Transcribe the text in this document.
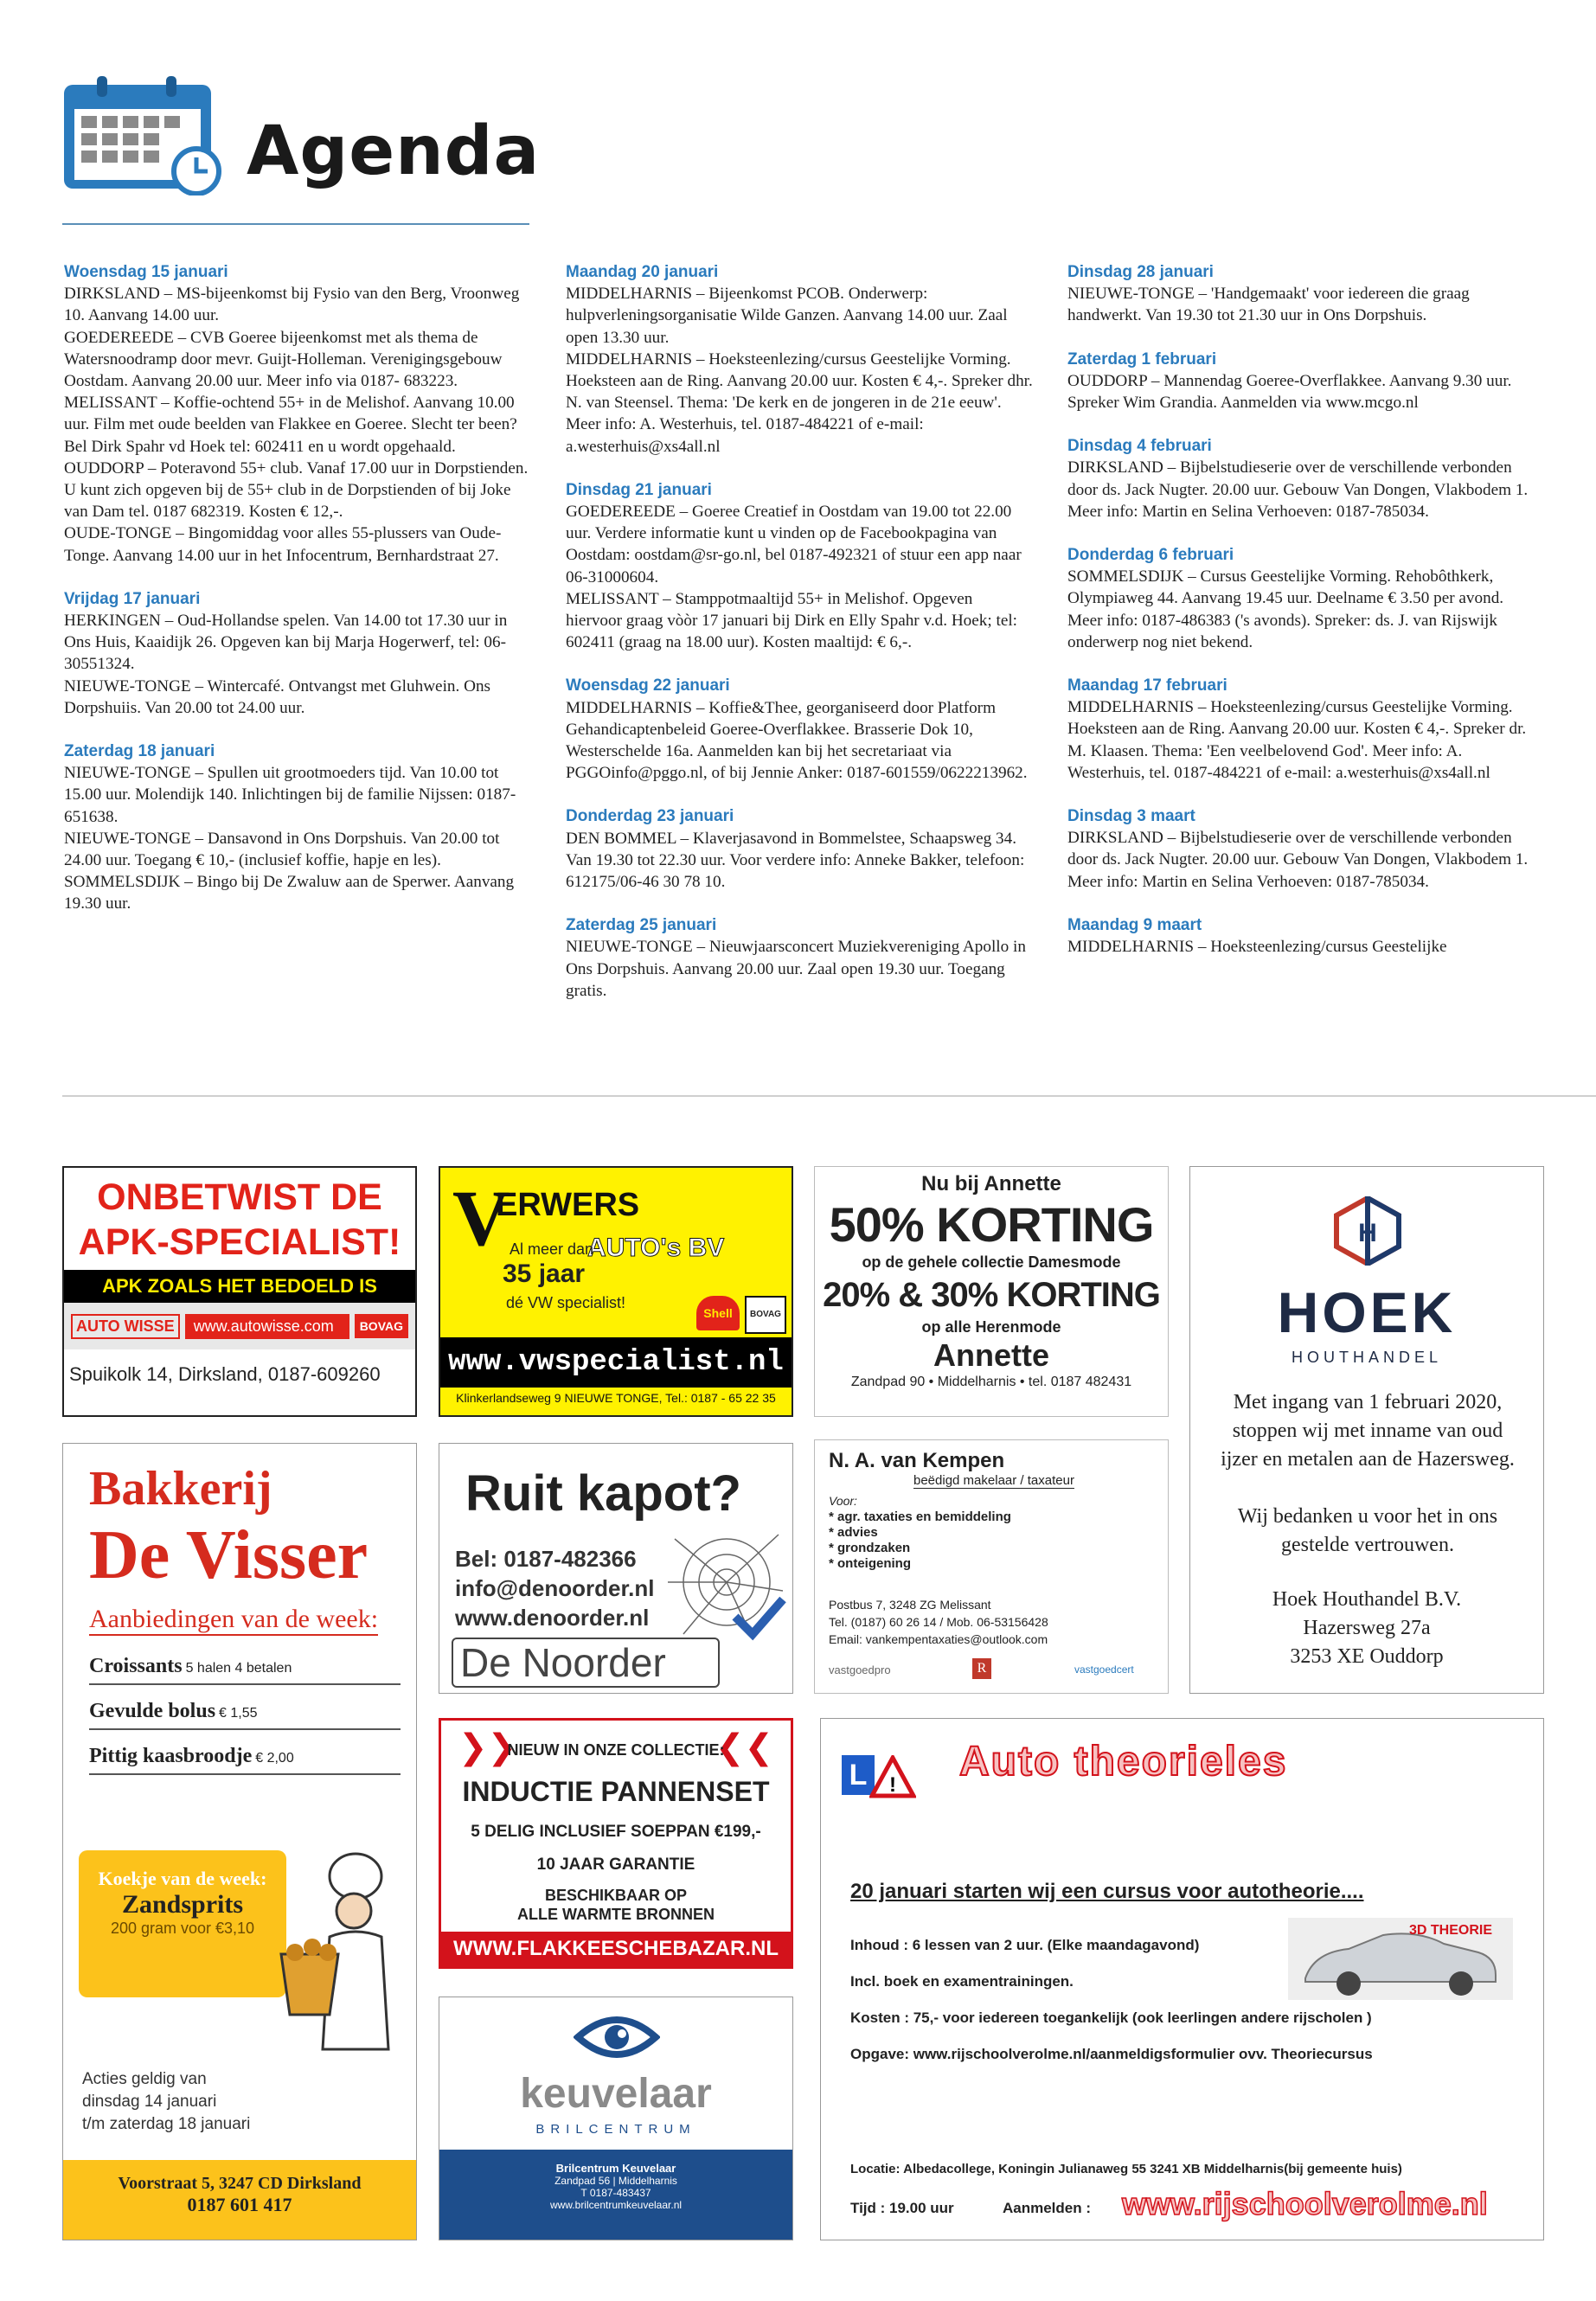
Agenda
Woensdag 15 januari
DIRKSLAND – MS-bijeenkomst bij Fysio van den Berg, Vroonweg 10. Aanvang 14.00 uur.
GOEDEREEDE – CVB Goeree bijeenkomst met als thema de Watersnoodramp door mevr. Guijt-Holleman. Verenigingsgebouw Oostdam. Aanvang 20.00 uur. Meer info via 0187- 683223.
MELISSANT – Koffie-ochtend 55+ in de Melishof. Aanvang 10.00 uur. Film met oude beelden van Flakkee en Goeree. Slecht ter been? Bel Dirk Spahr vd Hoek tel: 602411 en u wordt opgehaald.
OUDDORP – Poteravond 55+ club. Vanaf 17.00 uur in Dorpstienden. U kunt zich opgeven bij de 55+ club in de Dorpstienden of bij Joke van Dam tel. 0187 682319. Kosten € 12,-.
OUDE-TONGE – Bingomiddag voor alles 55-plussers van Oude-Tonge. Aanvang 14.00 uur in het Infocentrum, Bernhardstraat 27.
Vrijdag 17 januari
HERKINGEN – Oud-Hollandse spelen. Van 14.00 tot 17.30 uur in Ons Huis, Kaaidijk 26. Opgeven kan bij Marja Hogerwerf, tel: 06-30551324.
NIEUWE-TONGE – Wintercafé. Ontvangst met Gluhwein. Ons Dorpshuiis. Van 20.00 tot 24.00 uur.
Zaterdag 18 januari
NIEUWE-TONGE – Spullen uit grootmoeders tijd. Van 10.00 tot 15.00 uur. Molendijk 140. Inlichtingen bij de familie Nijssen: 0187-651638.
NIEUWE-TONGE – Dansavond in Ons Dorpshuis. Van 20.00 tot 24.00 uur. Toegang € 10,- (inclusief koffie, hapje en les).
SOMMELSDIJK – Bingo bij De Zwaluw aan de Sperwer. Aanvang 19.30 uur.
Maandag 20 januari
MIDDELHARNIS – Bijeenkomst PCOB. Onderwerp: hulpverleningsorganisatie Wilde Ganzen. Aanvang 14.00 uur. Zaal open 13.30 uur.
MIDDELHARNIS – Hoeksteenlezing/cursus Geestelijke Vorming. Hoeksteen aan de Ring. Aanvang 20.00 uur. Kosten € 4,-. Spreker dhr. N. van Steensel. Thema: 'De kerk en de jongeren in de 21e eeuw'. Meer info: A. Westerhuis, tel. 0187-484221 of e-mail: a.westerhuis@xs4all.nl
Dinsdag 21 januari
GOEDEREEDE – Goeree Creatief in Oostdam van 19.00 tot 22.00 uur. Verdere informatie kunt u vinden op de Facebookpagina van Oostdam: oostdam@sr-go.nl, bel 0187-492321 of stuur een app naar 06-31000604.
MELISSANT – Stamppotmaaltijd 55+ in Melishof. Opgeven hiervoor graag vòòr 17 januari bij Dirk en Elly Spahr v.d. Hoek; tel: 602411 (graag na 18.00 uur). Kosten maaltijd: € 6,-.
Woensdag 22 januari
MIDDELHARNIS – Koffie&Thee, georganiseerd door Platform Gehandicaptenbeleid Goeree-Overflakkee. Brasserie Dok 10, Westerschelde 16a. Aanmelden kan bij het secretariaat via PGGOinfo@pggo.nl, of bij Jennie Anker: 0187-601559/0622213962.
Donderdag 23 januari
DEN BOMMEL – Klaverjasavond in Bommelstee, Schaapsweg 34. Van 19.30 tot 22.30 uur. Voor verdere info: Anneke Bakker, telefoon: 612175/06-46 30 78 10.
Zaterdag 25 januari
NIEUWE-TONGE – Nieuwjaarsconcert Muziekvereniging Apollo in Ons Dorpshuis. Aanvang 20.00 uur. Zaal open 19.30 uur. Toegang gratis.
Dinsdag 28 januari
NIEUWE-TONGE – 'Handgemaakt' voor iedereen die graag handwerkt. Van 19.30 tot 21.30 uur in Ons Dorpshuis.
Zaterdag 1 februari
OUDDORP – Mannendag Goeree-Overflakkee. Aanvang 9.30 uur. Spreker Wim Grandia. Aanmelden via www.mcgo.nl
Dinsdag 4 februari
DIRKSLAND – Bijbelstudieserie over de verschillende verbonden door ds. Jack Nugter. 20.00 uur. Gebouw Van Dongen, Vlakbodem 1. Meer info: Martin en Selina Verhoeven: 0187-785034.
Donderdag 6 februari
SOMMELSDIJK – Cursus Geestelijke Vorming. Rehobôthkerk, Olympiaweg 44. Aanvang 19.45 uur. Deelname € 3.50 per avond. Meer info: 0187-486383 ('s avonds). Spreker: ds. J. van Rijswijk onderwerp nog niet bekend.
Maandag 17 februari
MIDDELHARNIS – Hoeksteenlezing/cursus Geestelijke Vorming. Hoeksteen aan de Ring. Aanvang 20.00 uur. Kosten € 4,-. Spreker dr. M. Klaasen. Thema: 'Een veelbelovend God'. Meer info: A. Westerhuis, tel. 0187-484221 of e-mail: a.westerhuis@xs4all.nl
Dinsdag 3 maart
DIRKSLAND – Bijbelstudieserie over de verschillende verbonden door ds. Jack Nugter. 20.00 uur. Gebouw Van Dongen, Vlakbodem 1. Meer info: Martin en Selina Verhoeven: 0187-785034.
Maandag 9 maart
MIDDELHARNIS – Hoeksteenlezing/cursus Geestelijke
ONBETWIST DE
APK-SPECIALIST!
APK ZOALS HET BEDOELD IS
AUTO WISSE	www.autowisse.com	BOVAG
Spuikolk 14, Dirksland, 0187-609260
V
ERWERS
AUTO's BV
Al meer dan
35 jaar
dé VW specialist!
Shell	BOVAG
www.vwspecialist.nl
Klinkerlandseweg 9 NIEUWE TONGE, Tel.: 0187 - 65 22 35
Nu bij Annette
50% KORTING
op de gehele collectie Damesmode
20% & 30% KORTING
op alle Herenmode
Annette
Zandpad 90 • Middelharnis • tel. 0187 482431
H
HOEK
HOUTHANDEL
Met ingang van 1 februari 2020, stoppen wij met inname van oud ijzer en metalen aan de Hazersweg.
Wij bedanken u voor het in ons gestelde vertrouwen.
Hoek Houthandel B.V.
Hazersweg 27a
3253 XE Ouddorp
Bakkerij
De Visser
Aanbiedingen van de week:
Croissants 5 halen 4 betalen
Gevulde bolus € 1,55
Pittig kaasbroodje € 2,00
Koekje van de week:
Zandsprits
200 gram voor €3,10
Acties geldig van
dinsdag 14 januari
t/m zaterdag 18 januari
Voorstraat 5, 3247 CD Dirksland
0187 601 417
Ruit kapot?
Bel: 0187-482366
info@denoorder.nl
www.denoorder.nl
De Noorder
N. A. van Kempen
beëdigd makelaar / taxateur
Voor:
* agr. taxaties en bemiddeling
* advies
* grondzaken
* onteigening
Postbus 7, 3248 ZG Melissant
Tel. (0187) 60 26 14 / Mob. 06-53156428
Email: vankempentaxaties@outlook.com
vastgoedpro	R	vastgoedcert
❯❯	❮❮
NIEUW IN ONZE COLLECTIE:
INDUCTIE PANNENSET
5 DELIG INCLUSIEF SOEPPAN €199,-
10 JAAR GARANTIE
BESCHIKBAAR OP
ALLE WARMTE BRONNEN
WWW.FLAKKEESCHEBAZAR.NL
keuvelaar
BRILCENTRUM
Brilcentrum Keuvelaar
Zandpad 56 | Middelharnis
T 0187-483437
www.brilcentrumkeuvelaar.nl
L	!
Auto theorieles
20 januari starten wij een cursus voor autotheorie....
Inhoud : 6 lessen van 2 uur. (Elke maandagavond)
Incl. boek en examentrainingen.
Kosten : 75,- voor iedereen toegankelijk (ook leerlingen andere rijscholen )
Opgave: www.rijschoolverolme.nl/aanmeldigsformulier ovv. Theoriecursus
3D THEORIE
Locatie: Albedacollege, Koningin Julianaweg 55 3241 XB Middelharnis(bij gemeente huis)
Tijd : 19.00 uur	Aanmelden : www.rijschoolverolme.nl
